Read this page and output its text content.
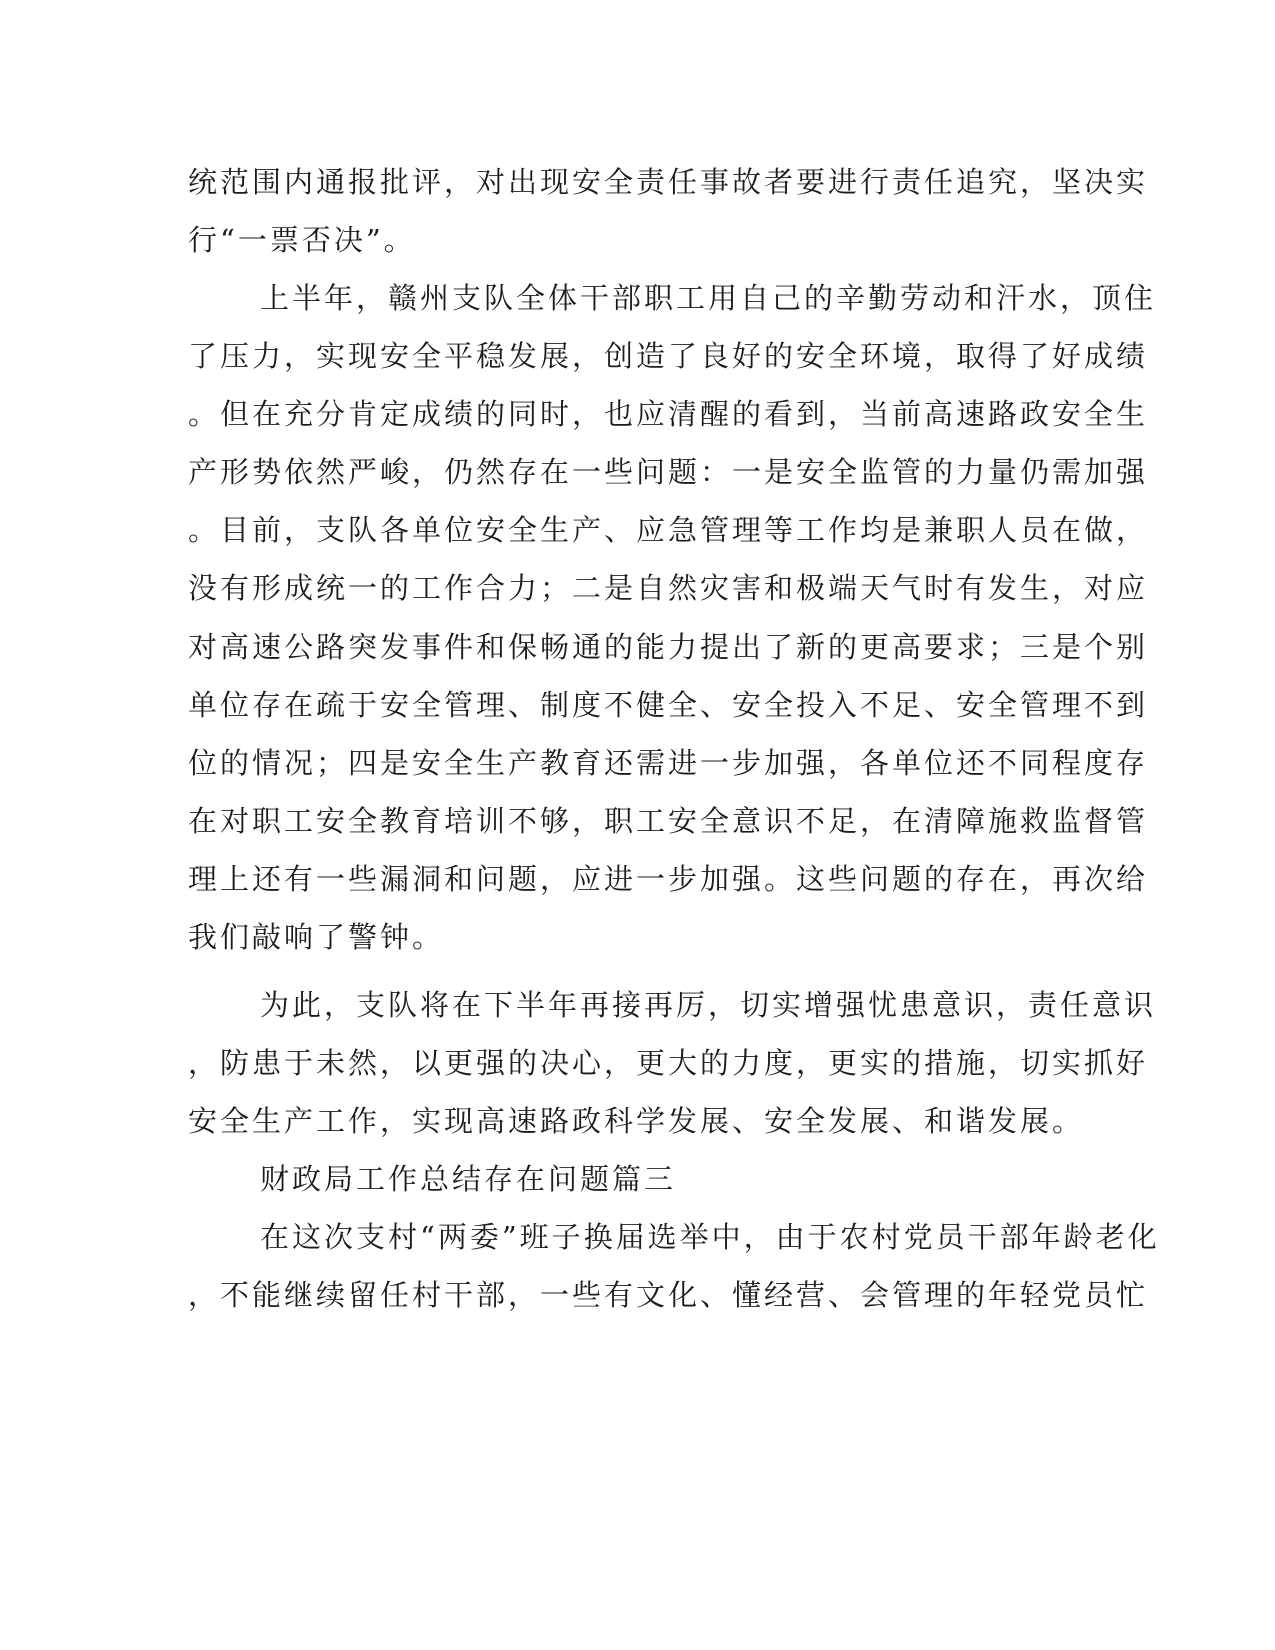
统范围内通报批评，对出现安全责任事故者要进行责任追究，坚决实
行“一票否决”。
上半年，赣州支队全体干部职工用自己的辛勤劳动和汗水，顶住
了压力，实现安全平稳发展，创造了良好的安全环境，取得了好成绩
。但在充分肯定成绩的同时，也应清醒的看到，当前高速路政安全生
产形势依然严峻，仍然存在一些问题：一是安全监管的力量仍需加强
。目前，支队各单位安全生产、应急管理等工作均是兼职人员在做，
没有形成统一的工作合力；二是自然灾害和极端天气时有发生，对应
对高速公路突发事件和保畅通的能力提出了新的更高要求；三是个别
单位存在疏于安全管理、制度不健全、安全投入不足、安全管理不到
位的情况；四是安全生产教育还需进一步加强，各单位还不同程度存
在对职工安全教育培训不够，职工安全意识不足，在清障施救监督管
理上还有一些漏洞和问题，应进一步加强。这些问题的存在，再次给
我们敲响了警钟。
为此，支队将在下半年再接再厉，切实增强忧患意识，责任意识
，防患于未然，以更强的决心，更大的力度，更实的措施，切实抓好
安全生产工作，实现高速路政科学发展、安全发展、和谐发展。
财政局工作总结存在问题篇三
在这次支村“两委”班子换届选举中，由于农村党员干部年龄老化
，不能继续留任村干部，一些有文化、懂经营、会管理的年轻党员忙
